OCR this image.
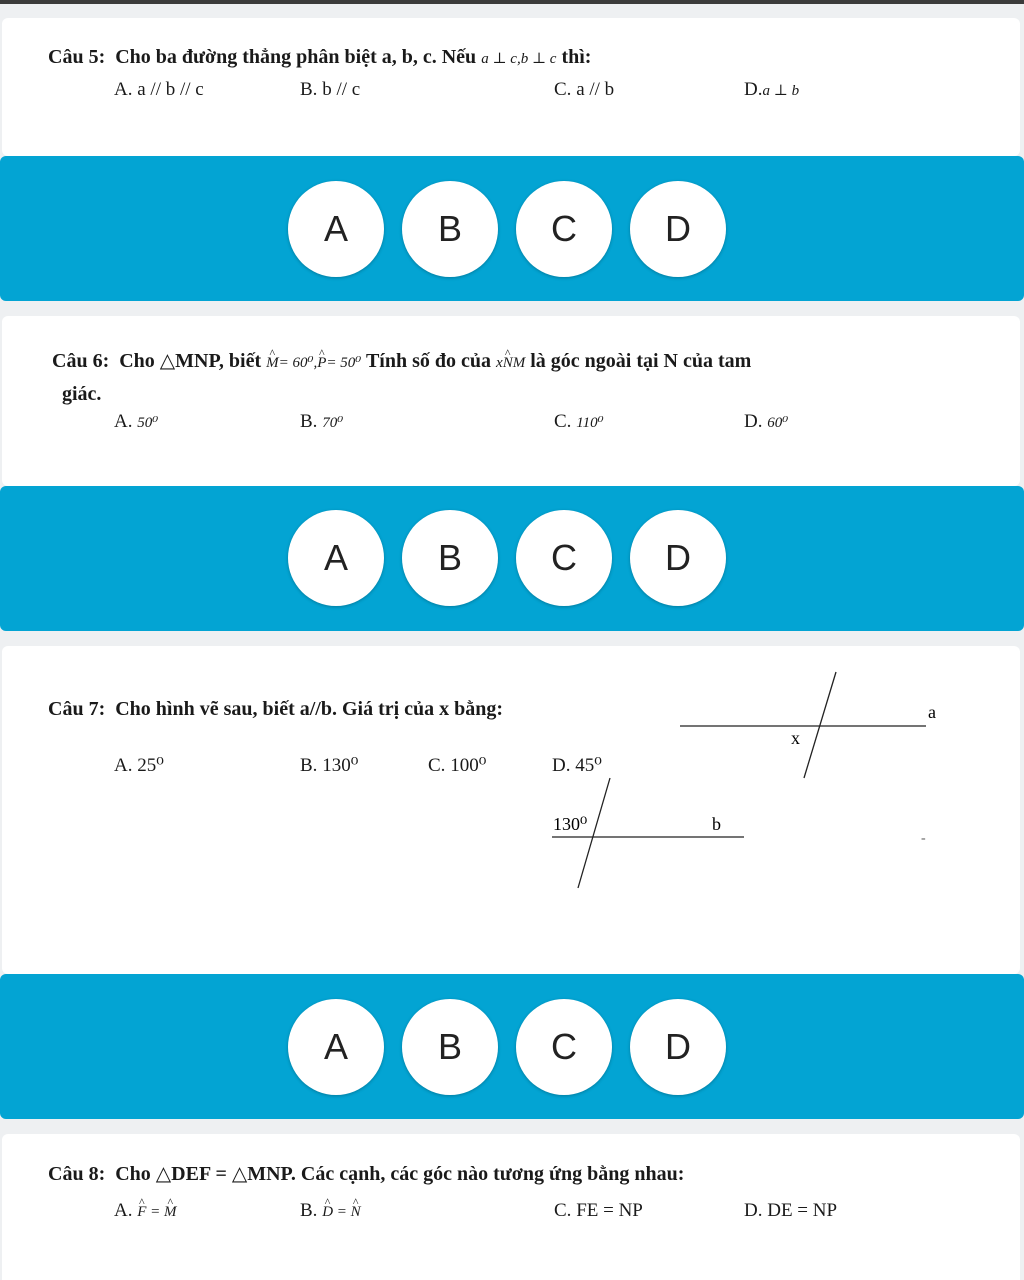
Câu 5: Cho ba đường thẳng phân biệt a, b, c. Nếu a ⊥ c,b ⊥ c thì:
A. a // b // c	B. b // c	C. a // b	D.a ⊥ b
A	B	C	D
Câu 6: Cho △MNP, biết ^ M= 60⁰,^ P= 50⁰ Tính số đo của x^ NM là góc ngoài tại N của tam
giác.
A. 50⁰	B. 70⁰	C. 110⁰	D. 60⁰
A	B	C	D
Câu 7: Cho hình vẽ sau, biết a//b. Giá trị của x bằng:
A. 25⁰	B. 130⁰	C. 100⁰	D. 45⁰
a
x
130⁰	b
-
A	B	C	D
Câu 8: Cho △DEF = △MNP. Các cạnh, các góc nào tương ứng bằng nhau:
A. ^ F = ^ M	B. ^ D = ^ N	C. FE = NP	D. DE = NP
